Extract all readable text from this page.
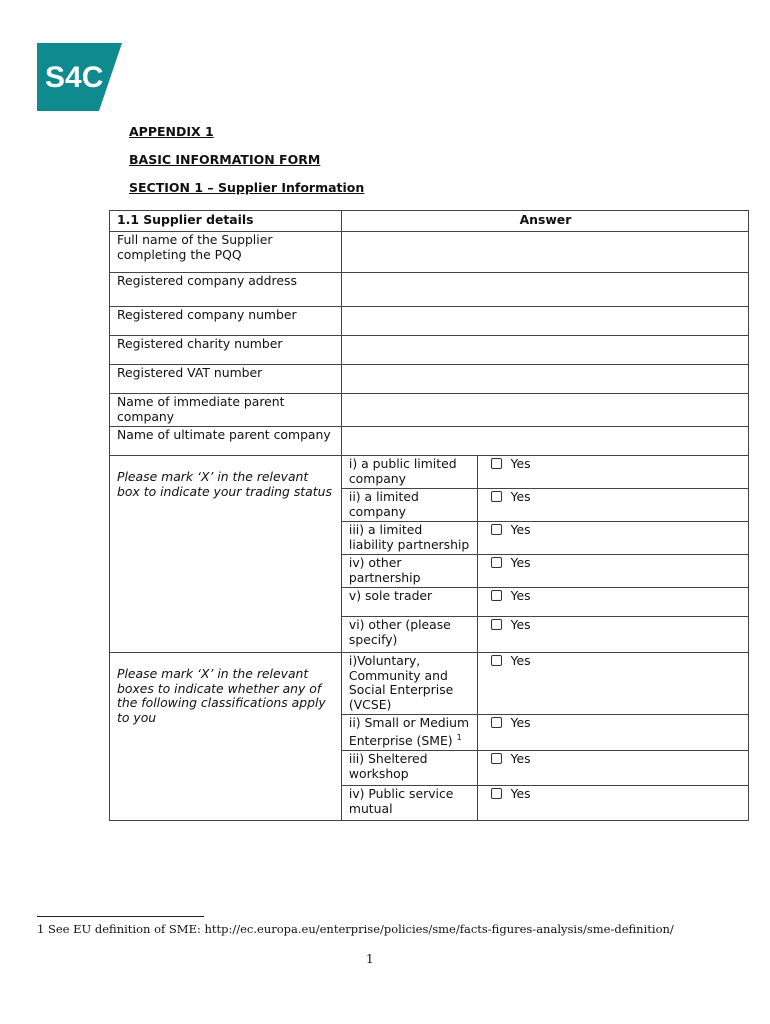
S4C

APPENDIX 1

BASIC INFORMATION FORM

SECTION 1 – Supplier Information

1.1 Supplier details	Answer	
Full name of the Supplier completing the PQQ		
Registered company address		
Registered company number		
Registered charity number		
Registered VAT number		
Name of immediate parent company		
Name of ultimate parent company		
Please mark ‘X’ in the relevant box to indicate your trading status	i) a public limited company	Yes
	ii) a limited company	Yes
	iii) a limited liability partnership	Yes
	iv) other partnership	Yes
	v) sole trader	Yes
	vi) other (please specify)	Yes
Please mark ‘X’ in the relevant boxes to indicate whether any of the following classifications apply to you	i)Voluntary, Community and Social Enterprise (VCSE)	Yes
	ii) Small or Medium Enterprise (SME) $^1$	Yes
	iii) Sheltered workshop	Yes
	iv) Public service mutual	Yes
1 See EU definition of SME: http://ec.europa.eu/enterprise/policies/sme/facts-figures-analysis/sme-definition/
1
